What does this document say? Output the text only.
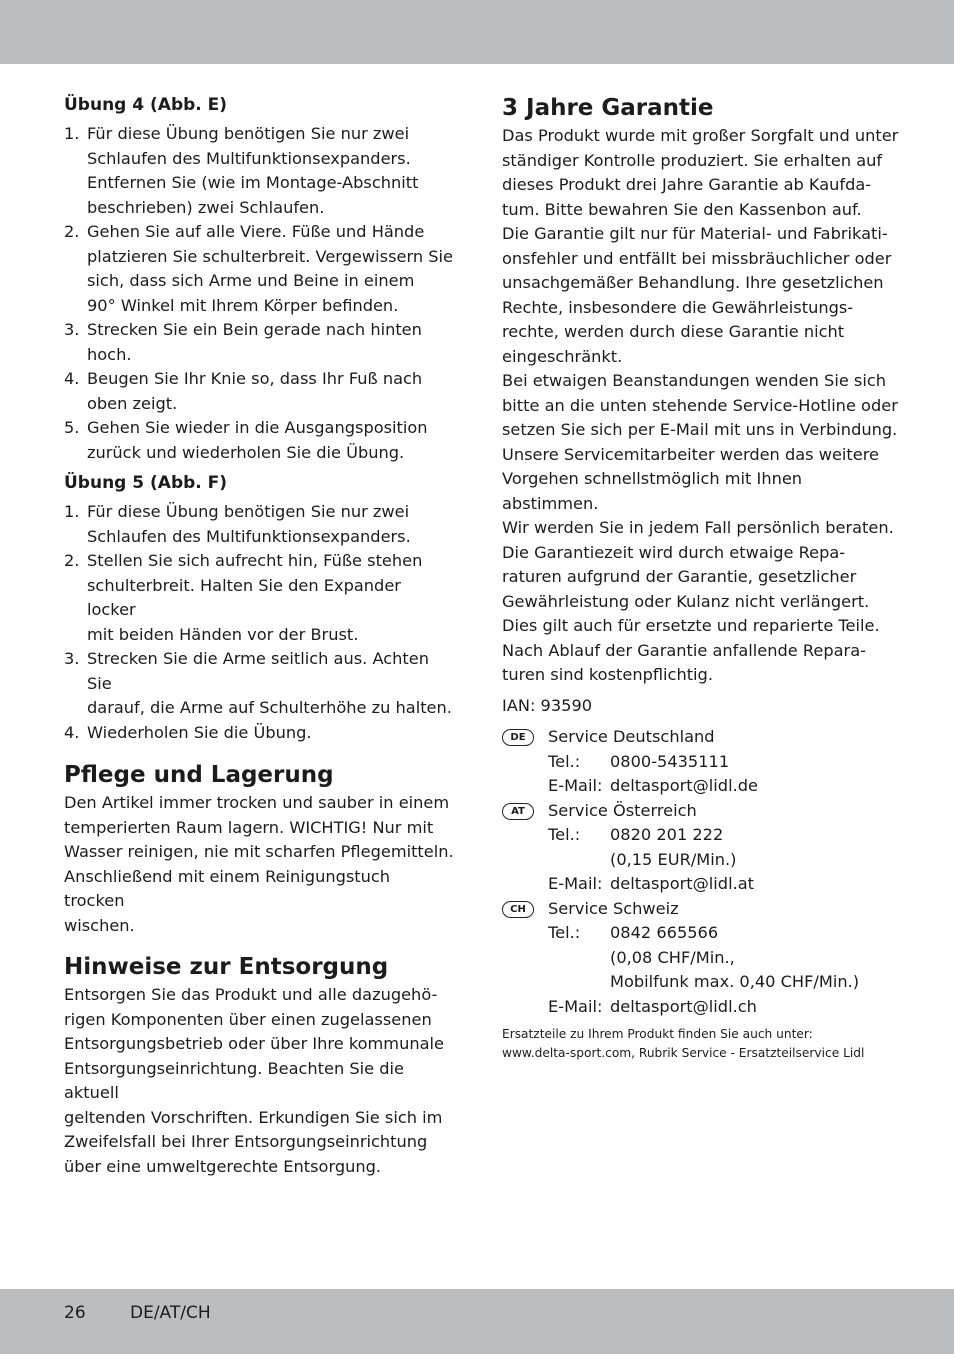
Übung 4 (Abb. E)
1. Für diese Übung benötigen Sie nur zwei
Schlaufen des Multifunktionsexpanders.
Entfernen Sie (wie im Montage-Abschnitt
beschrieben) zwei Schlaufen.
2. Gehen Sie auf alle Viere. Füße und Hände
platzieren Sie schulterbreit. Vergewissern Sie
sich, dass sich Arme und Beine in einem
90° Winkel mit Ihrem Körper befinden.
3. Strecken Sie ein Bein gerade nach hinten
hoch.
4. Beugen Sie Ihr Knie so, dass Ihr Fuß nach
oben zeigt.
5. Gehen Sie wieder in die Ausgangsposition
zurück und wiederholen Sie die Übung.
Übung 5 (Abb. F)
1. Für diese Übung benötigen Sie nur zwei
Schlaufen des Multifunktionsexpanders.
2. Stellen Sie sich aufrecht hin, Füße stehen
schulterbreit. Halten Sie den Expander locker
mit beiden Händen vor der Brust.
3. Strecken Sie die Arme seitlich aus. Achten Sie
darauf, die Arme auf Schulterhöhe zu halten.
4. Wiederholen Sie die Übung.
Pflege und Lagerung

Den Artikel immer trocken und sauber in einem
temperierten Raum lagern. WICHTIG! Nur mit
Wasser reinigen, nie mit scharfen Pflegemitteln.
Anschließend mit einem Reinigungstuch trocken
wischen.

Hinweise zur Entsorgung

Entsorgen Sie das Produkt und alle dazugehö-
rigen Komponenten über einen zugelassenen
Entsorgungsbetrieb oder über Ihre kommunale
Entsorgungseinrichtung. Beachten Sie die aktuell
geltenden Vorschriften. Erkundigen Sie sich im
Zweifelsfall bei Ihrer Entsorgungseinrichtung
über eine umweltgerechte Entsorgung.

3 Jahre Garantie

Das Produkt wurde mit großer Sorgfalt und unter
ständiger Kontrolle produziert. Sie erhalten auf
dieses Produkt drei Jahre Garantie ab Kaufda-
tum. Bitte bewahren Sie den Kassenbon auf.
Die Garantie gilt nur für Material- und Fabrikati-
onsfehler und entfällt bei missbräuchlicher oder
unsachgemäßer Behandlung. Ihre gesetzlichen
Rechte, insbesondere die Gewährleistungs-
rechte, werden durch diese Garantie nicht
eingeschränkt.
Bei etwaigen Beanstandungen wenden Sie sich
bitte an die unten stehende Service-Hotline oder
setzen Sie sich per E-Mail mit uns in Verbindung.
Unsere Servicemitarbeiter werden das weitere
Vorgehen schnellstmöglich mit Ihnen abstimmen.
Wir werden Sie in jedem Fall persönlich beraten.
Die Garantiezeit wird durch etwaige Repa-
raturen aufgrund der Garantie, gesetzlicher
Gewährleistung oder Kulanz nicht verlängert.
Dies gilt auch für ersetzte und reparierte Teile.
Nach Ablauf der Garantie anfallende Repara-
turen sind kostenpflichtig.

IAN: 93590

DE	Service Deutschland
Tel.:	0800-5435111
E-Mail: deltasport@lidl.de
AT	Service Österreich
Tel.:	0820 201 222
(0,15 EUR/Min.)
E-Mail: deltasport@lidl.at
CH	Service Schweiz
Tel.:	0842 665566
(0,08 CHF/Min.,
Mobilfunk max. 0,40 CHF/Min.)
E-Mail: deltasport@lidl.ch

Ersatzteile zu Ihrem Produkt finden Sie auch unter:
www.delta-sport.com, Rubrik Service - Ersatzteilservice Lidl

26	DE/AT/CH
